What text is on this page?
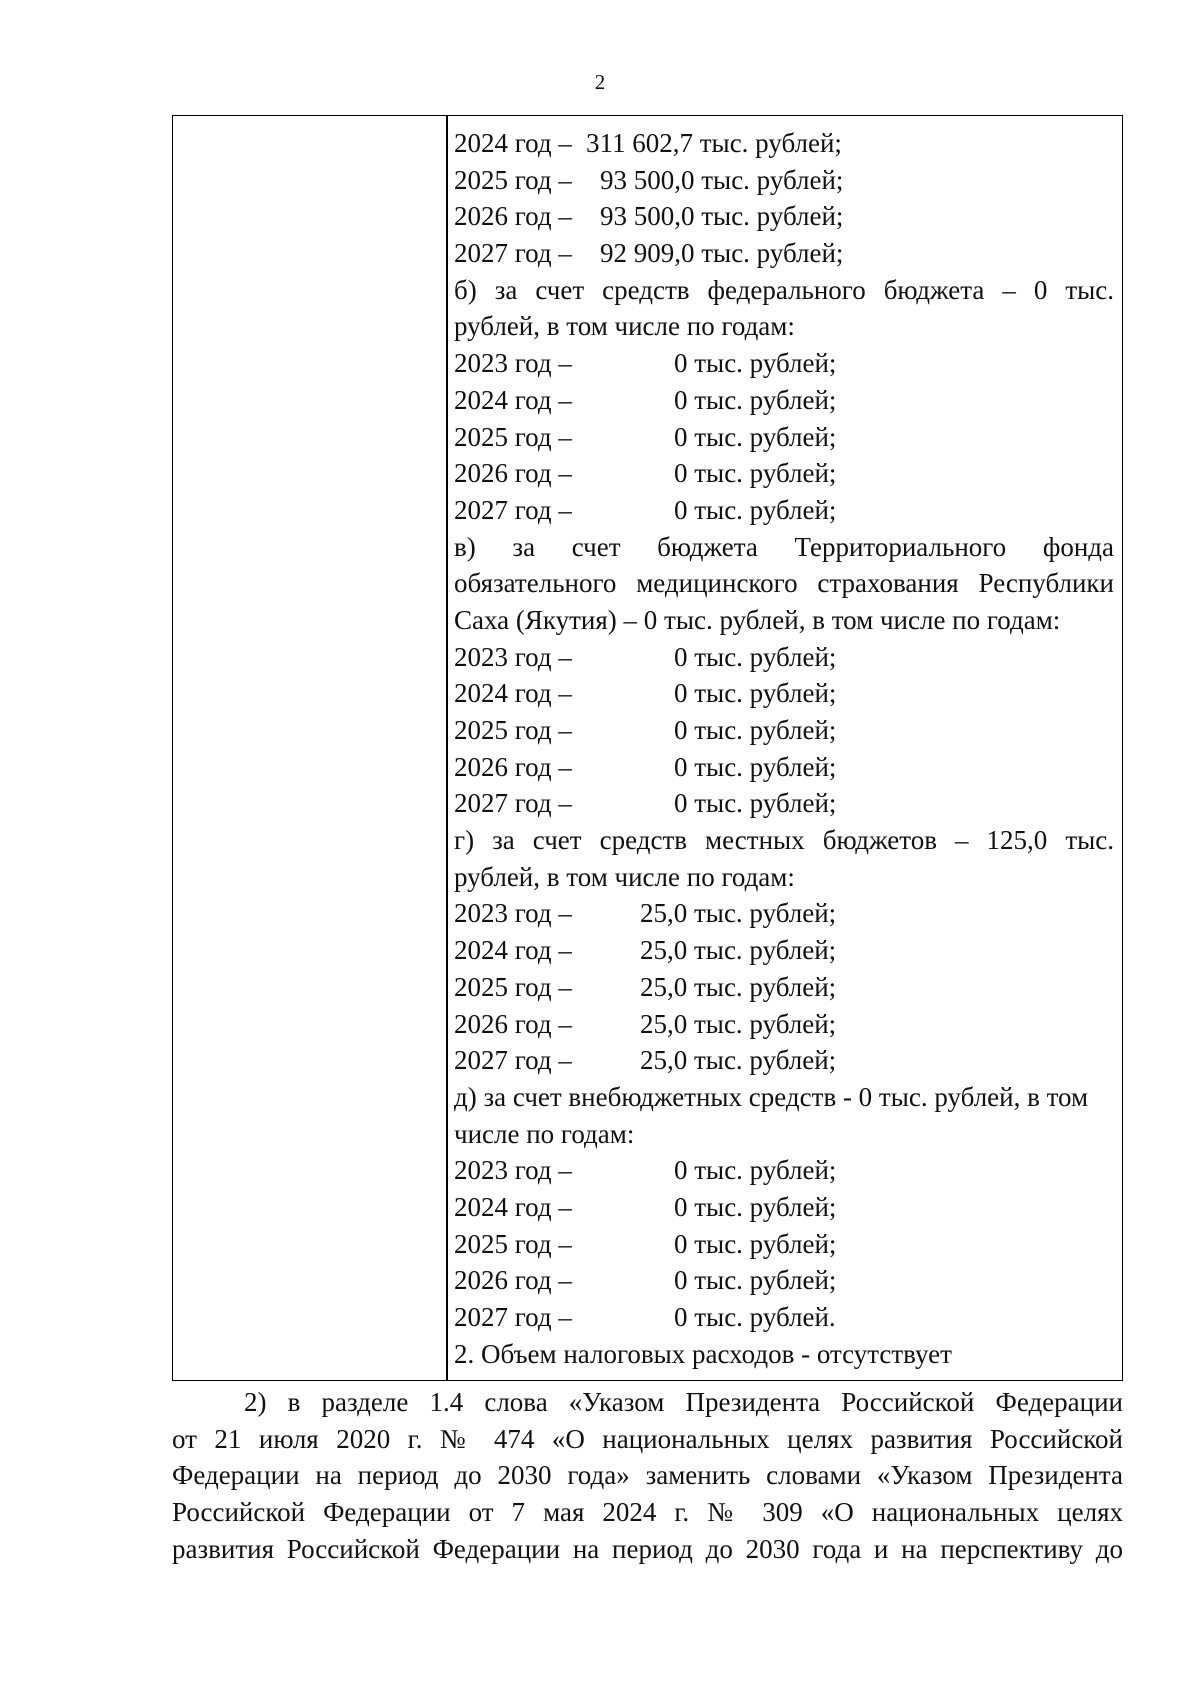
2
2024 год – 311 602,7 тыс. рублей;
2025 год –	93 500,0 тыс. рублей;
2026 год –	93 500,0 тыс. рублей;
2027 год –	92 909,0 тыс. рублей;
б) за счет средств федерального бюджета – 0 тыс.
рублей, в том числе по годам:
2023 год –	0 тыс. рублей;
2024 год –	0 тыс. рублей;
2025 год –	0 тыс. рублей;
2026 год –	0 тыс. рублей;
2027 год –	0 тыс. рублей;
в) за счет бюджета Территориального фонда
обязательного медицинского страхования Республики
Саха (Якутия) – 0 тыс. рублей, в том числе по годам:
2023 год –	0 тыс. рублей;
2024 год –	0 тыс. рублей;
2025 год –	0 тыс. рублей;
2026 год –	0 тыс. рублей;
2027 год –	0 тыс. рублей;
г) за счет средств местных бюджетов – 125,0 тыс.
рублей, в том числе по годам:
2023 год –	25,0 тыс. рублей;
2024 год –	25,0 тыс. рублей;
2025 год –	25,0 тыс. рублей;
2026 год –	25,0 тыс. рублей;
2027 год –	25,0 тыс. рублей;
д) за счет внебюджетных средств - 0 тыс. рублей, в том
числе по годам:
2023 год –	0 тыс. рублей;
2024 год –	0 тыс. рублей;
2025 год –	0 тыс. рублей;
2026 год –	0 тыс. рублей;
2027 год –	0 тыс. рублей.
2. Объем налоговых расходов - отсутствует
2) в разделе 1.4 слова «Указом Президента Российской Федерации
от 21 июля 2020 г. № 474 «О национальных целях развития Российской
Федерации на период до 2030 года» заменить словами «Указом Президента
Российской Федерации от 7 мая 2024 г. № 309 «О национальных целях
развития Российской Федерации на период до 2030 года и на перспективу до
